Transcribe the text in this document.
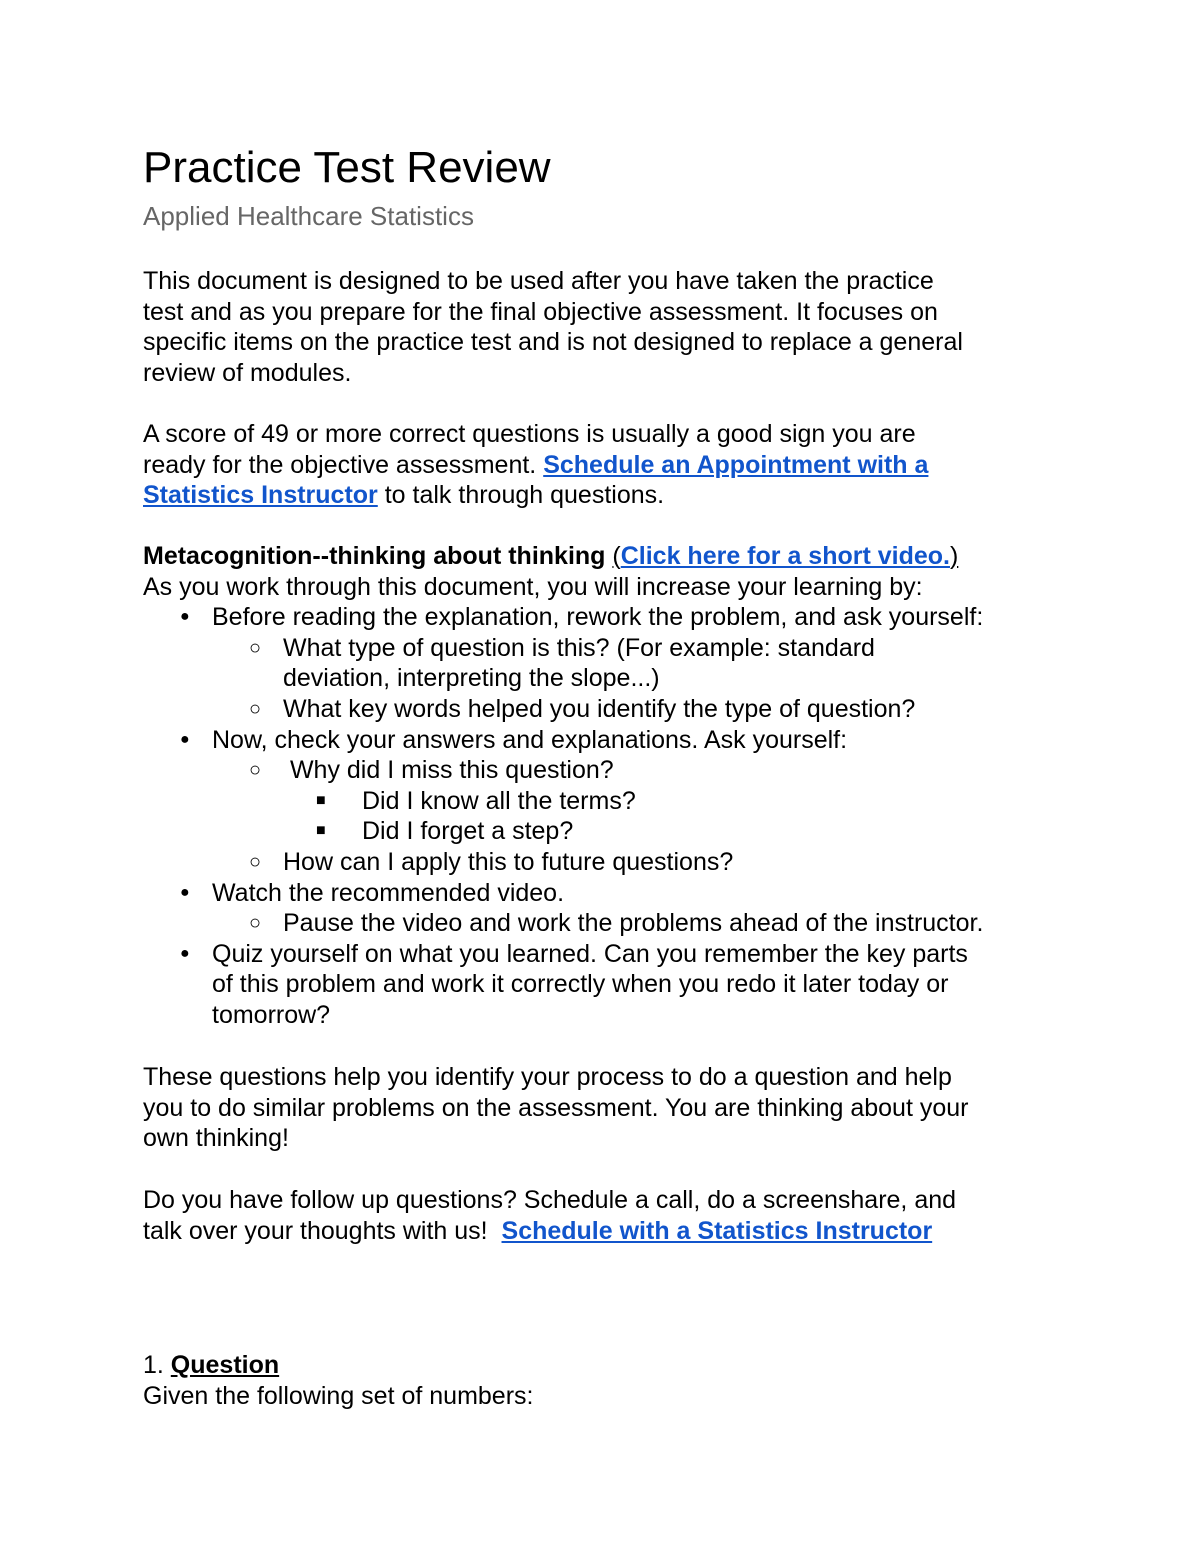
Practice Test Review
Applied Healthcare Statistics
This document is designed to be used after you have taken the practice
test and as you prepare for the final objective assessment. It focuses on
specific items on the practice test and is not designed to replace a general
review of modules.
A score of 49 or more correct questions is usually a good sign you are
ready for the objective assessment. Schedule an Appointment with a
Statistics Instructor to talk through questions.
Metacognition--thinking about thinking (Click here for a short video.)
As you work through this document, you will increase your learning by:
● Before reading the explanation, rework the problem, and ask yourself:
○ What type of question is this? (For example: standard
deviation, interpreting the slope...)
○ What key words helped you identify the type of question?
● Now, check your answers and explanations. Ask yourself:
○ Why did I miss this question?
■ Did I know all the terms?
■ Did I forget a step?
○ How can I apply this to future questions?
● Watch the recommended video.
○ Pause the video and work the problems ahead of the instructor.
● Quiz yourself on what you learned. Can you remember the key parts
of this problem and work it correctly when you redo it later today or
tomorrow?
These questions help you identify your process to do a question and help
you to do similar problems on the assessment. You are thinking about your
own thinking!
Do you have follow up questions? Schedule a call, do a screenshare, and
talk over your thoughts with us!  Schedule with a Statistics Instructor
1. Question
Given the following set of numbers:
